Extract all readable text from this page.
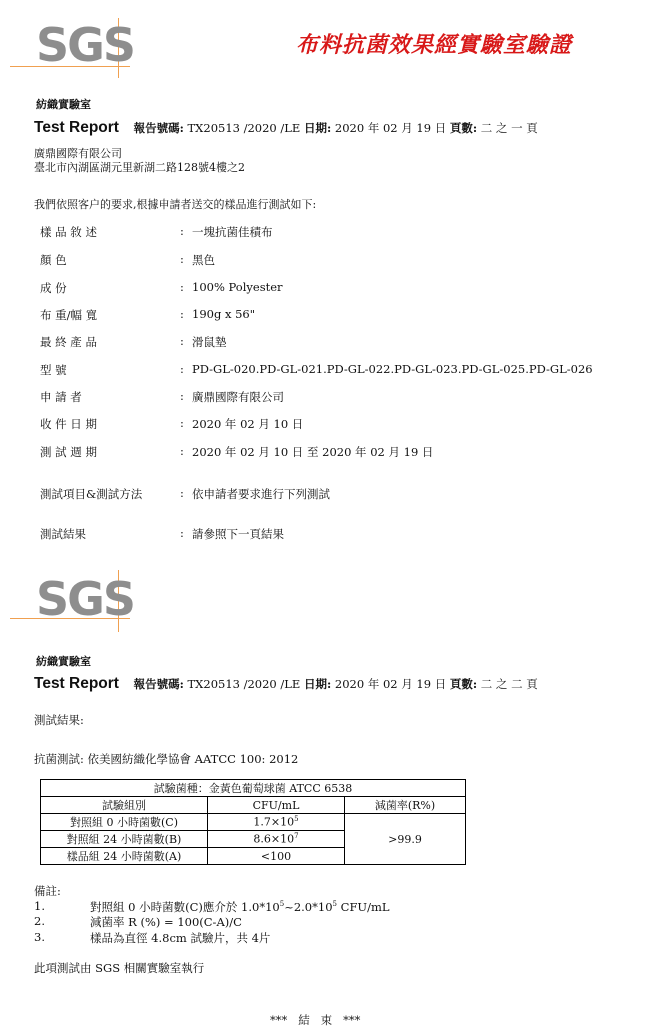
SGS	布料抗菌效果經實驗室驗證
紡織實驗室
Test Report 報告號碼: TX20513 /2020 /LE 日期: 2020 年 02 月 19 日 頁數: 二 之 一 頁
廣鼎國際有限公司
臺北市內湖區湖元里新湖二路128號4樓之2
我們依照客户的要求,根據申請者送交的樣品進行測試如下:
樣 品 敘 述	: 一塊抗菌佳積布
顏 色	: 黑色
成 份	: 100% Polyester
布 重/幅 寬	: 190g x 56"
最 終 產 品	: 滑鼠墊
型 號	: PD-GL-020.PD-GL-021.PD-GL-022.PD-GL-023.PD-GL-025.PD-GL-026
申 請 者	: 廣鼎國際有限公司
收 件 日 期	: 2020 年 02 月 10 日
測 試 週 期	: 2020 年 02 月 10 日 至 2020 年 02 月 19 日
測試項目&測試方法	: 依申請者要求進行下列測試
測試結果	: 請參照下一頁結果
SGS
紡織實驗室
Test Report 報告號碼: TX20513 /2020 /LE 日期: 2020 年 02 月 19 日 頁數: 二 之 二 頁
測試結果:
抗菌測試: 依美國紡織化學協會 AATCC 100: 2012
試驗菌種：金黃色葡萄球菌 ATCC 6538		
試驗組別	CFU/mL	減菌率(R%)
對照組 0 小時菌數(C)	$1.7\times 10^5$	>99.9
對照組 24 小時菌數(B)	$8.6\times 10^7$
樣品組 24 小時菌數(A)	<100	
備註:
1.	對照組 0 小時菌數(C)應介於 $1.0*10^5\sim 2.0*10^5$ CFU/mL
2.	減菌率 R (%) = 100(C-A)/C
3.	樣品為直徑 4.8cm 試驗片，共 4片
此項測試由 SGS 相關實驗室執行
***   結   束   ***
